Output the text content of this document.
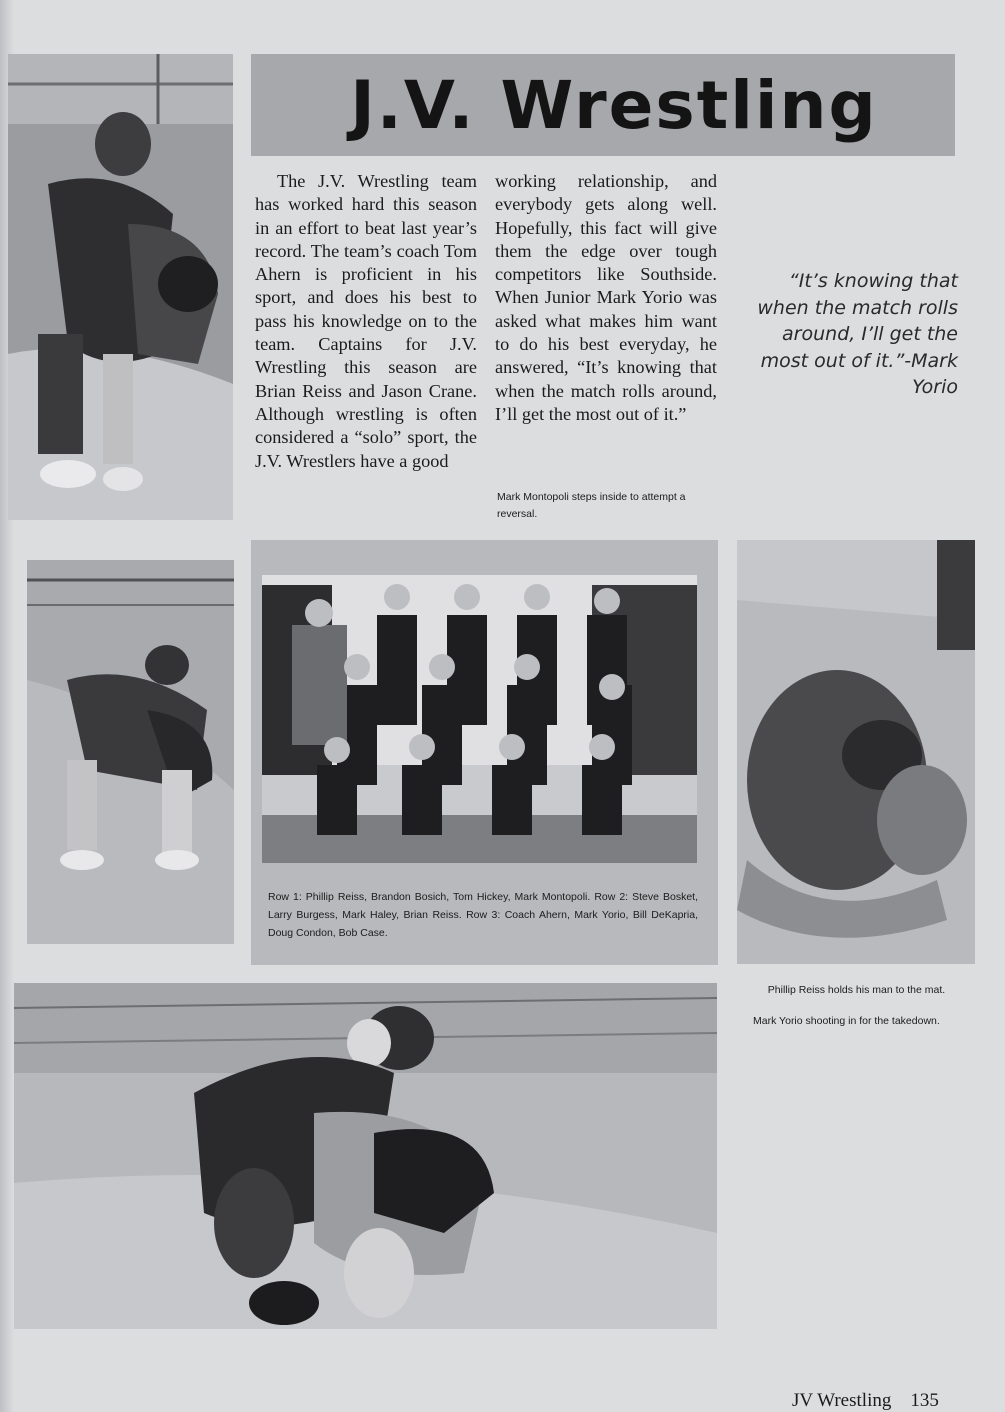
J.V. Wrestling

The J.V. Wrestling team has worked hard this season in an effort to beat last year’s record. The team’s coach Tom Ahern is proficient in his sport, and does his best to pass his knowledge on to the team. Captains for J.V. Wrestling this season are Brian Reiss and Jason Crane. Although wrestling is often considered a “solo” sport, the J.V. Wrestlers have a good

working relationship, and everybody gets along well. Hopefully, this fact will give them the edge over tough competitors like Southside. When Junior Mark Yorio was asked what makes him want to do his best everyday, he answered, “It’s knowing that when the match rolls around, I’ll get the most out of it.”

“It’s knowing that when the match rolls around, I’ll get the most out of it.”-Mark Yorio
Mark Montopoli steps inside to attempt a reversal.
Row 1: Phillip Reiss, Brandon Bosich, Tom Hickey, Mark Montopoli. Row 2: Steve Bosket, Larry Burgess, Mark Haley, Brian Reiss. Row 3: Coach Ahern, Mark Yorio, Bill DeKapria, Doug Condon, Bob Case.
Phillip Reiss holds his man to the mat.
Mark Yorio shooting in for the takedown.
JV Wrestling 135
